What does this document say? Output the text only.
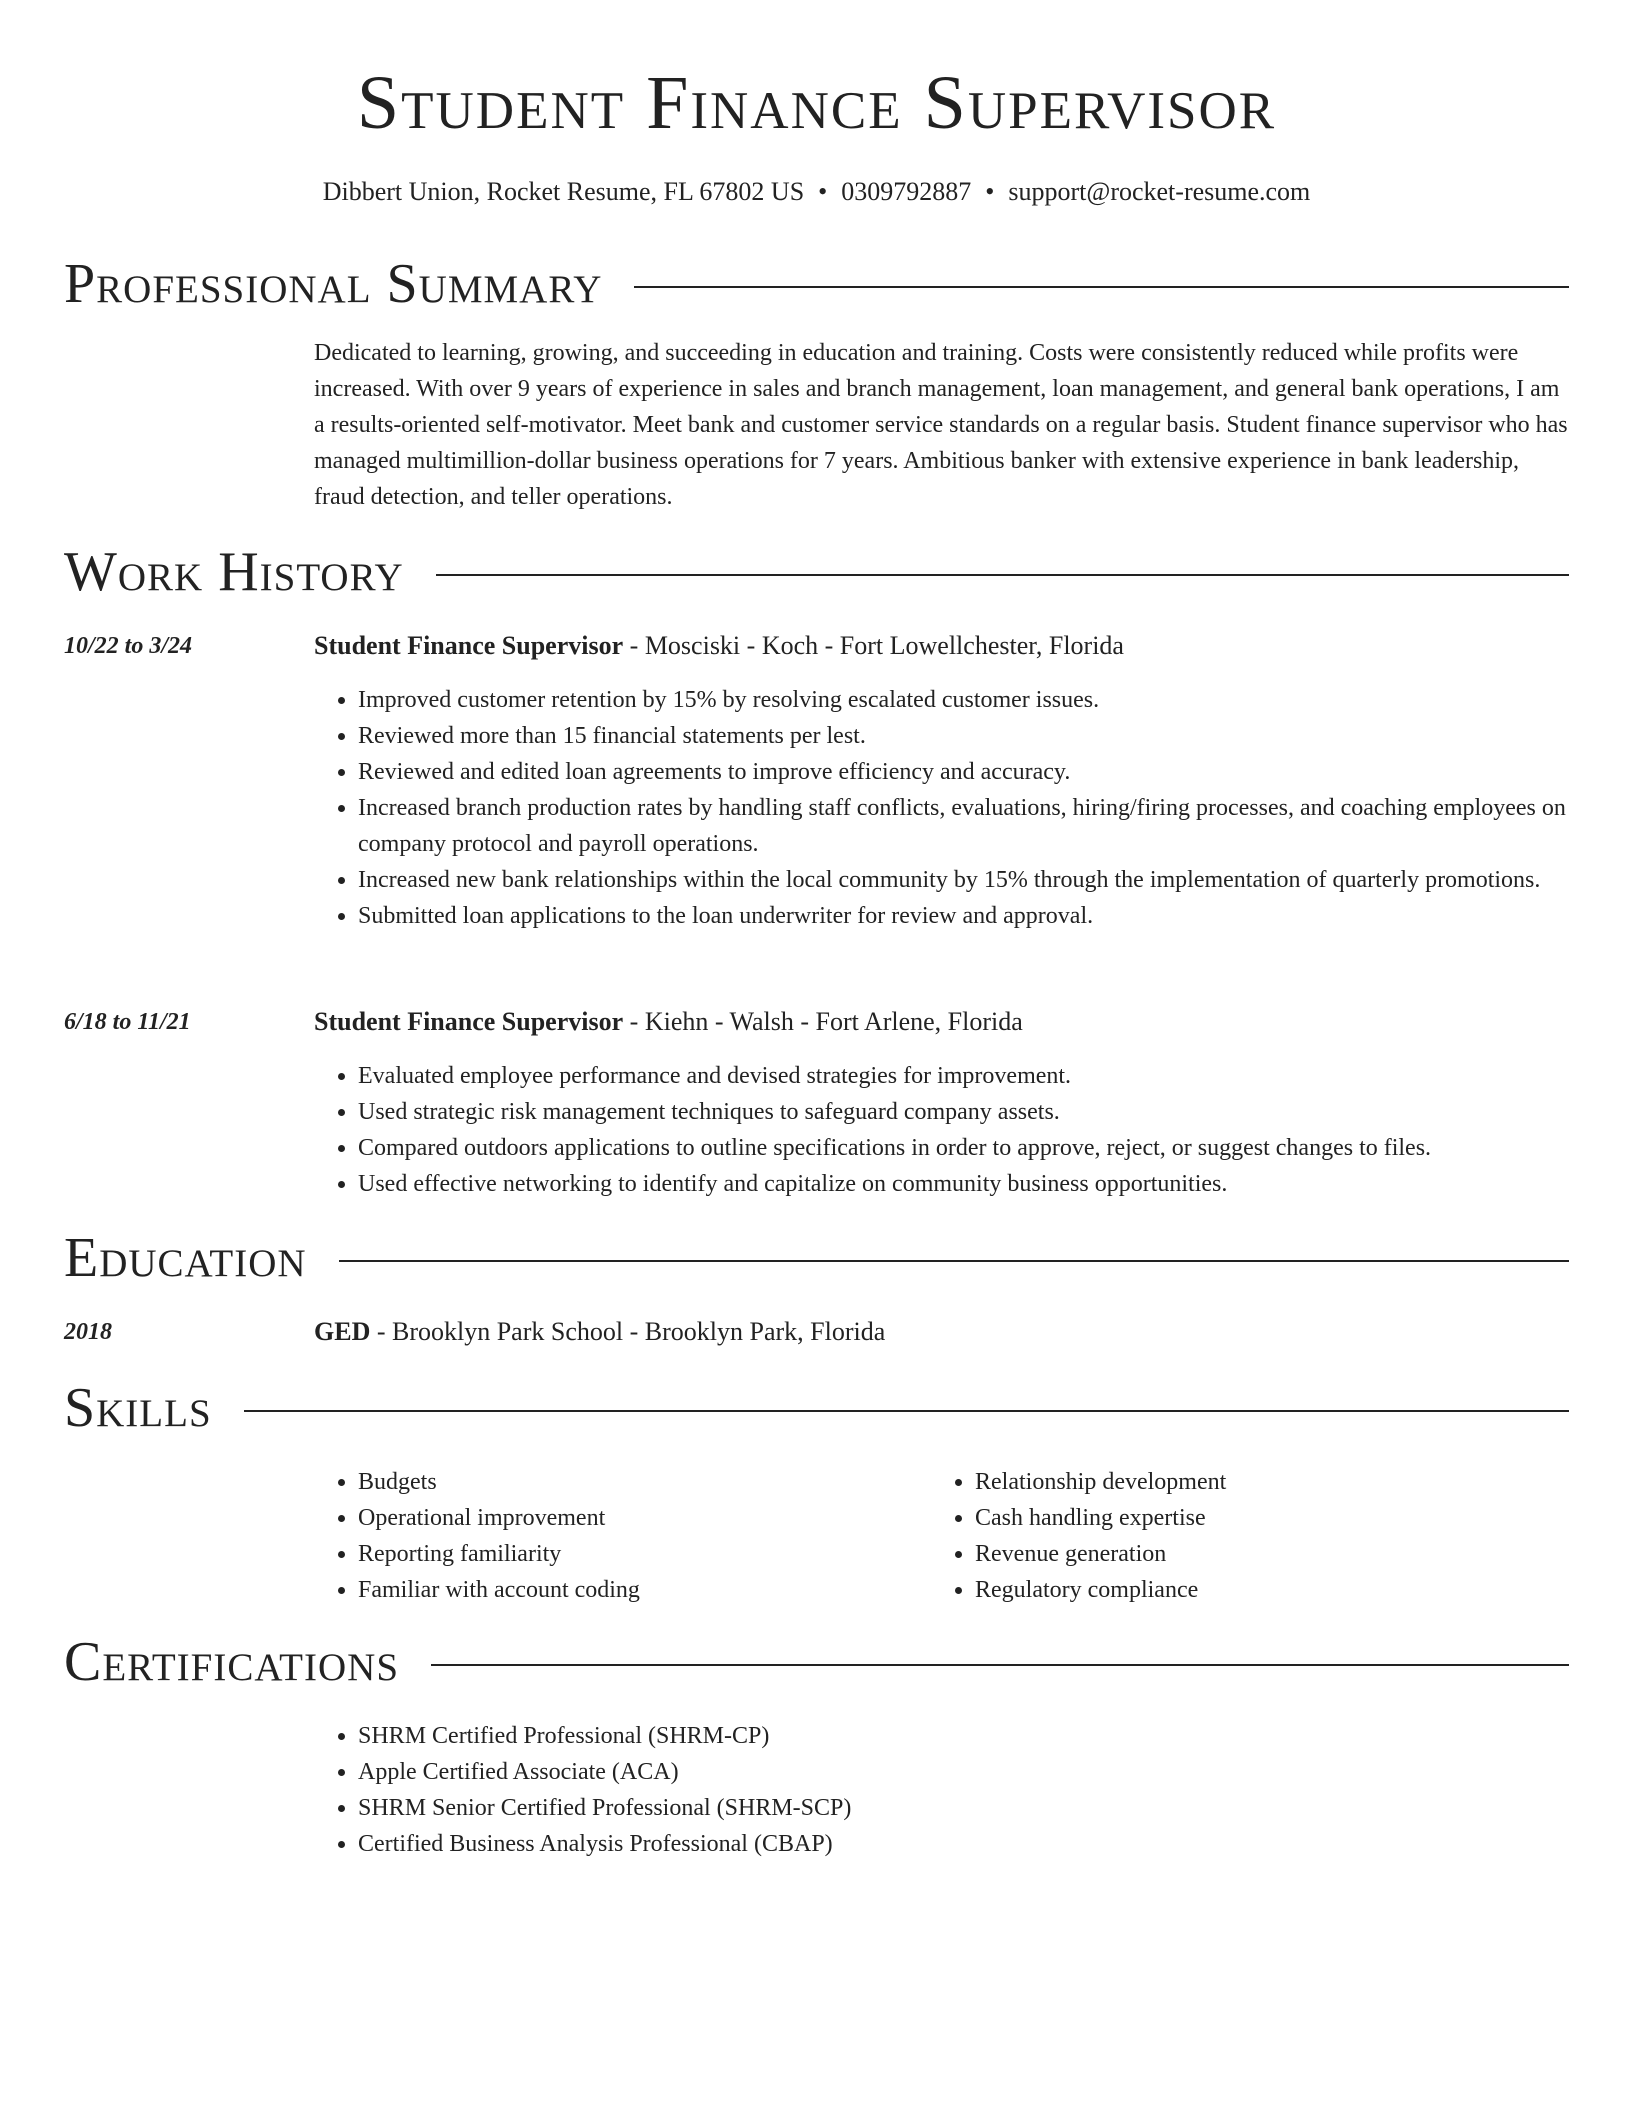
Student Finance Supervisor
Dibbert Union, Rocket Resume, FL 67802 US • 0309792887 • support@rocket-resume.com
Professional Summary

Dedicated to learning, growing, and succeeding in education and training. Costs were consistently reduced while profits were increased. With over 9 years of experience in sales and branch management, loan management, and general bank operations, I am a results-oriented self-motivator. Meet bank and customer service standards on a regular basis. Student finance supervisor who has managed multimillion-dollar business operations for 7 years. Ambitious banker with extensive experience in bank leadership, fraud detection, and teller operations.

Work History
10/22 to 3/24	Student Finance Supervisor - Mosciski - Koch - Fort Lowellchester, Florida
• Improved customer retention by 15% by resolving escalated customer issues.
• Reviewed more than 15 financial statements per lest.
• Reviewed and edited loan agreements to improve efficiency and accuracy.
• Increased branch production rates by handling staff conflicts, evaluations, hiring/firing processes, and coaching employees on company protocol and payroll operations.
• Increased new bank relationships within the local community by 15% through the implementation of quarterly promotions.
• Submitted loan applications to the loan underwriter for review and approval.
6/18 to 11/21	Student Finance Supervisor - Kiehn - Walsh - Fort Arlene, Florida
• Evaluated employee performance and devised strategies for improvement.
• Used strategic risk management techniques to safeguard company assets.
• Compared outdoors applications to outline specifications in order to approve, reject, or suggest changes to files.
• Used effective networking to identify and capitalize on community business opportunities.
Education
2018	GED - Brooklyn Park School - Brooklyn Park, Florida
Skills
• Budgets
• Operational improvement
• Reporting familiarity
• Familiar with account coding
• Relationship development
• Cash handling expertise
• Revenue generation
• Regulatory compliance
Certifications
• SHRM Certified Professional (SHRM-CP)
• Apple Certified Associate (ACA)
• SHRM Senior Certified Professional (SHRM-SCP)
• Certified Business Analysis Professional (CBAP)
